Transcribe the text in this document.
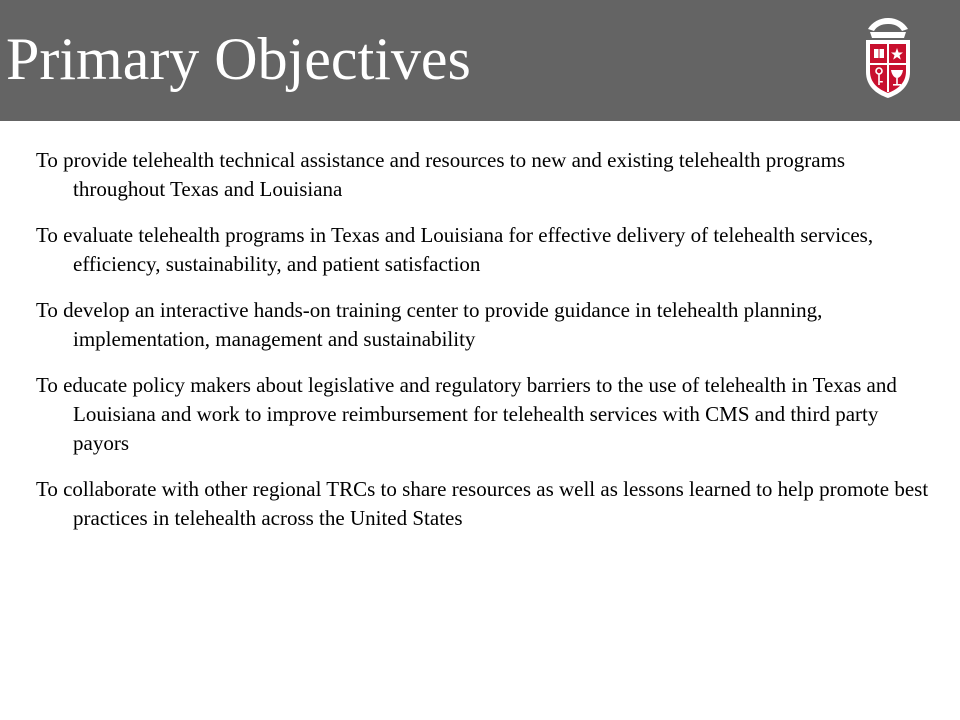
Primary Objectives
To provide telehealth technical assistance and resources to new and existing telehealth programs throughout Texas and Louisiana
To evaluate telehealth programs in Texas and Louisiana for effective delivery of telehealth services, efficiency, sustainability, and patient satisfaction
To develop an interactive hands-on training center to provide guidance in telehealth planning, implementation, management and sustainability
To educate policy makers about legislative and regulatory barriers to the use of telehealth in Texas and Louisiana and work to improve reimbursement for telehealth services with CMS and third party payors
To collaborate with other regional TRCs to share resources as well as lessons learned to help promote best practices in telehealth across the United States
